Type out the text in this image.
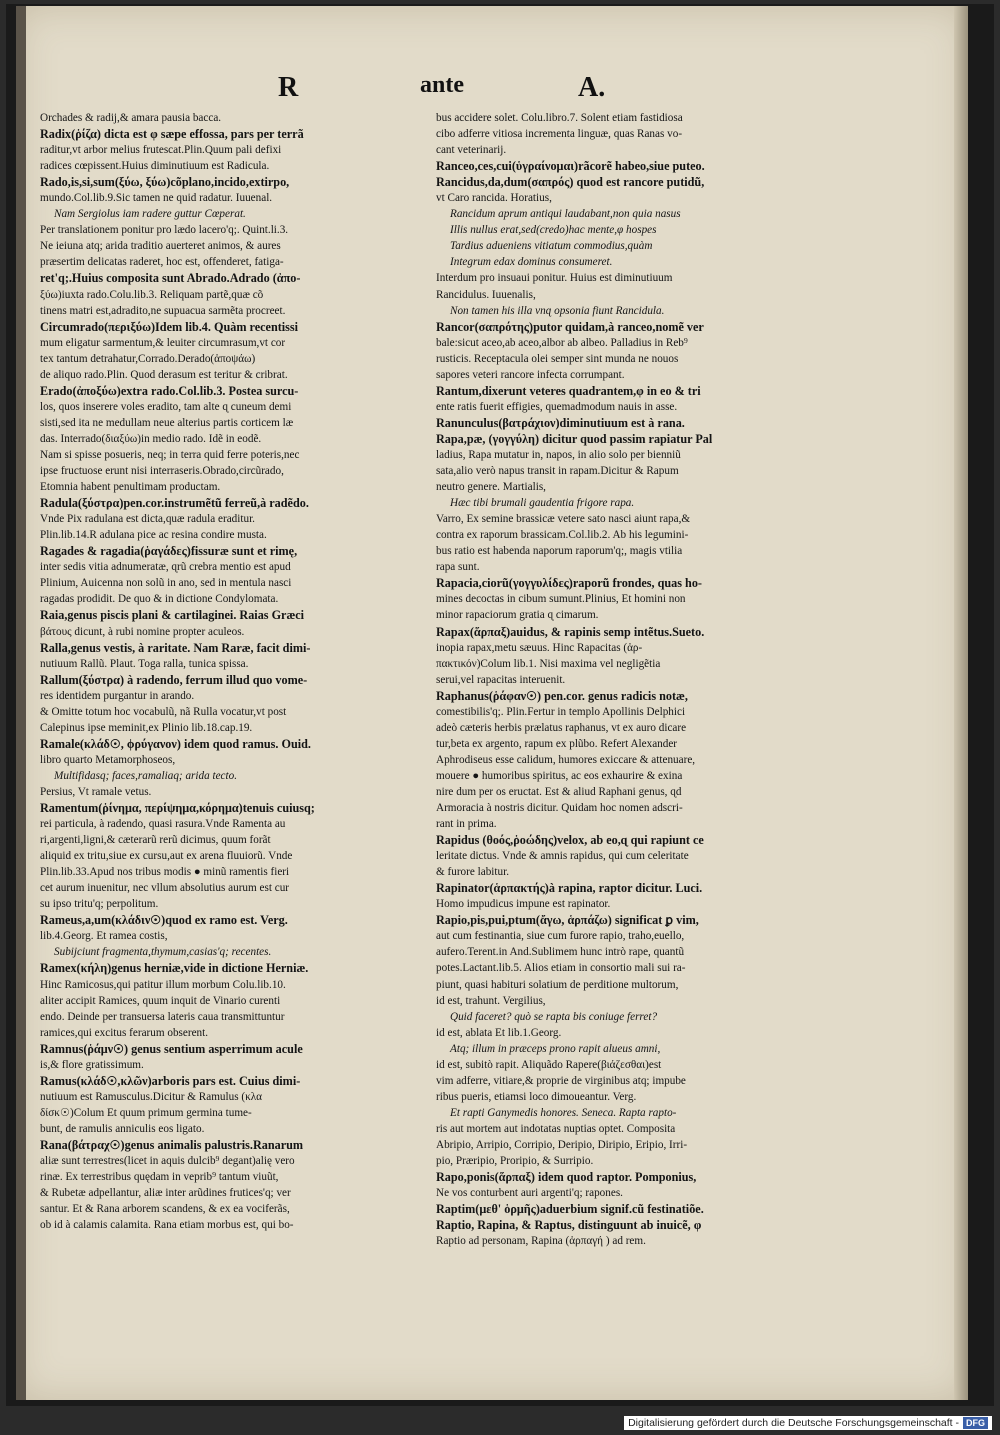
R	ante	A.
Orchades & radij,& amara pausia bacca.
Radix(ῥίζα) dicta est φ sæpe effossa, pars per terrã
raditur,vt arbor melius frutescat.Plin.Quum pali defixi
radices cœpissent.Huius diminutiuum est Radicula.
Rado,is,si,sum(ξύω, ξύω)cõplano,incido,extirpo,
mundo.Col.lib.9.Sic tamen ne quid radatur. Iuuenal.
Nam Sergiolus iam radere guttur Cœperat.
Per translationem ponitur pro lædo lacero'q;. Quint.li.3.
Ne ieiuna atq; arida traditio auerteret animos, & aures
præsertim delicatas raderet, hoc est, offenderet, fatiga-
ret'q;.Huius composita sunt Abrado.Adrado (ἀπο-
ξύω)iuxta rado.Colu.lib.3. Reliquam partẽ,quæ cõ
tinens matri est,adradito,ne supuacua sarmẽta procreet.
Circumrado(περιξύω)Idem lib.4. Quàm recentissi
mum eligatur sarmentum,& leuiter circumrasum,vt cor
tex tantum detrahatur,Corrado.Derado(ἀποψάω)
de aliquo rado.Plin. Quod derasum est teritur & cribrat.
Erado(ἀποξύω)extra rado.Col.lib.3. Postea surcu-
los, quos inserere voles eradito, tam alte ɋ cuneum demi
sisti,sed ita ne medullam neue alterius partis corticem læ
das. Interrado(διαξύω)in medio rado. Idẽ in eodẽ.
Nam si spisse posueris, neq; in terra quid ferre poteris,nec
ipse fructuose erunt nisi interraseris.Obrado,circũrado,
Etomnia habent penultimam productam.
Radula(ξύστρα)pen.cor.instrumẽtũ ferreũ,à radẽdo.
Vnde Pix radulana est dicta,quæ radula eraditur.
Plin.lib.14.R adulana pice ac resina condire musta.
Ragades & ragadia(ῥαγάδες)fissuræ sunt et rimę,
inter sedis vitia adnumeratæ, ɋrũ crebra mentio est apud
Plinium, Auicenna non solũ in ano, sed in mentula nasci
ragadas prodidit. De quo & in dictione Condylomata.
Raia,genus piscis plani & cartilaginei. Raias Græci
βάτους dicunt, à rubi nomine propter aculeos.
Ralla,genus vestis, à raritate. Nam Raræ, facit dimi-
nutiuum Rallũ. Plaut. Toga ralla, tunica spissa.
Rallum(ξύστρα) à radendo, ferrum illud quo vome-
res identidem purgantur in arando.
& Omitte totum hoc vocabulũ, nã Rulla vocatur,vt post
Calepinus ipse meminit,ex Plinio lib.18.cap.19.
Ramale(κλάδ☉, ϕρύγανον) idem quod ramus. Ouid.
libro quarto Metamorphoseos,
Multifidasq; faces,ramaliaq; arida tecto.
Persius, Vt ramale vetus.
Ramentum(ῥίνημα, περίψημα,κόρημα)tenuis cuiusq;
rei particula, à radendo, quasi rasura.Vnde Ramenta au
ri,argenti,ligni,& cæterarũ rerũ dicimus, quum forãt
aliquid ex tritu,siue ex cursu,aut ex arena fluuiorũ. Vnde
Plin.lib.33.Apud nos tribus modis ● minũ ramentis fieri
cet aurum inuenitur, nec vllum absolutius aurum est cur
su ipso tritu'q; perpolitum.
Rameus,a,um(κλάδιν☉)quod ex ramo est. Verg.
lib.4.Georg. Et ramea costis,
Subijciunt fragmenta,thymum,casias'q; recentes.
Ramex(κήλη)genus herniæ,vide in dictione Herniæ.
Hinc Ramicosus,qui patitur illum morbum Colu.lib.10.
aliter accipit Ramices, quum inquit de Vinario curenti
endo. Deinde per transuersa lateris caua transmittuntur
ramices,qui excitus ferarum obserent.
Ramnus(ῥάμν☉) genus sentium asperrimum acule
is,& flore gratissimum.
Ramus(κλάδ☉,κλῶν)arboris pars est. Cuius dimi-
nutiuum est Ramusculus.Dicitur & Ramulus (κλα
δίσκ☉)Colum Et quum primum germina tume-
bunt, de ramulis anniculis eos ligato.
Rana(βάτραχ☉)genus animalis palustris.Ranarum
aliæ sunt terrestres(licet in aquis dulcib⁹ degant)alię vero
rinæ. Ex terrestribus quędam in veprib⁹ tantum viuũt,
& Rubetæ adpellantur, aliæ inter arũdines frutices'q; ver
santur. Et & Rana arborem scandens, & ex ea vociferãs,
ob id à calamis calamita. Rana etiam morbus est, qui bo-
bus accidere solet. Colu.libro.7. Solent etiam fastidiosa
cibo adferre vitiosa incrementa linguæ, quas Ranas vo-
cant veterinarij.
Ranceo,ces,cui(ὑγραίνομαι)rãcorẽ habeo,siue puteo.
Rancidus,da,dum(σαπρός) quod est rancore putidũ,
vt Caro rancida. Horatius,
Rancidum aprum antiqui laudabant,non quia nasus
Illis nullus erat,sed(credo)hac mente,φ hospes
Tardius adueniens vitiatum commodius,quàm
Integrum edax dominus consumeret.
Interdum pro insuaui ponitur. Huius est diminutiuum
Rancidulus. Iuuenalis,
Non tamen his illa vnɋ opsonia fiunt Rancidula.
Rancor(σαπρότης)putor quidam,à ranceo,nomẽ ver
bale:sicut aceo,ab aceo,albor ab albeo. Palladius in Reb⁹
rusticis. Receptacula olei semper sint munda ne nouos
sapores veteri rancore infecta corrumpant.
Rantum,dixerunt veteres quadrantem,φ in eo & tri
ente ratis fuerit effigies, quemadmodum nauis in asse.
Ranunculus(βατράχιον)diminutiuum est à rana.
Rapa,pæ, (γογγύλη) dicitur quod passim rapiatur Pal
ladius, Rapa mutatur in, napos, in alio solo per bienniũ
sata,alio verò napus transit in rapam.Dicitur & Rapum
neutro genere. Martialis,
Hæc tibi brumali gaudentia frigore rapa.
Varro, Ex semine brassicæ vetere sato nasci aiunt rapa,&
contra ex raporum brassicam.Col.lib.2. Ab his legumini-
bus ratio est habenda naporum raporum'q;, magis vtilia
rapa sunt.
Rapacia,ciorũ(γογγυλίδες)raporũ frondes, quas ho-
mines decoctas in cibum sumunt.Plinius, Et homini non
minor rapaciorum gratia ɋ cimarum.
Rapax(ἅρπαξ)auidus, & rapinis semp intẽtus.Sueto.
inopia rapax,metu sæuus. Hinc Rapacitas (ἁρ-
πακτικόν)Colum lib.1. Nisi maxima vel negligẽtia
serui,vel rapacitas interuenit.
Raphanus(ῥάφαν☉) pen.cor. genus radicis notæ,
comestibilis'q;. Plin.Fertur in templo Apollinis Delphici
adeò cæteris herbis prælatus raphanus, vt ex auro dicare
tur,beta ex argento, rapum ex plũbo. Refert Alexander
Aphrodiseus esse calidum, humores exiccare & attenuare,
mouere ● humoribus spiritus, ac eos exhaurire & exina
nire dum per os eructat. Est & aliud Raphani genus, ɋd
Armoracia à nostris dicitur. Quidam hoc nomen adscri-
rant in prima.
Rapidus (θοός,ῥοώδης)velox, ab eo,ɋ qui rapiunt ce
leritate dictus. Vnde & amnis rapidus, qui cum celeritate
& furore labitur.
Rapinator(ἁρπακτής)à rapina, raptor dicitur. Luci.
Homo impudicus impune est rapinator.
Rapio,pis,pui,ptum(ἄγω, ἁρπάζω) significat ꝑ vim,
aut cum festinantia, siue cum furore rapio, traho,euello,
aufero.Terent.in And.Sublimem hunc intrò rape, quantũ
potes.Lactant.lib.5. Alios etiam in consortio mali sui ra-
piunt, quasi habituri solatium de perditione multorum,
id est, trahunt. Vergilius,
Quid faceret? quò se rapta bis coniuge ferret?
id est, ablata Et lib.1.Georg.
Atq; illum in præceps prono rapit alueus amni,
id est, subitò rapit. Aliquãdo Rapere(βιάζεσθαι)est
vim adferre, vitiare,& proprie de virginibus atq; impube
ribus pueris, etiamsi loco dimoueantur. Verg.
Et rapti Ganymedis honores. Seneca. Rapta rapto-
ris aut mortem aut indotatas nuptias optet. Composita
Abripio, Arripio, Corripio, Deripio, Diripio, Eripio, Irri-
pio, Præripio, Proripio, & Surripio.
Rapo,ponis(ἅρπαξ) idem quod raptor. Pomponius,
Ne vos conturbent auri argenti'q; rapones.
Raptim(μεθ' ὁρμῆς)aduerbium signif.cũ festinatiõe.
Raptio, Rapina, & Raptus, distinguunt ab inuicẽ, φ
Raptio ad personam, Rapina (ἁρπαγή ) ad rem.
Digitalisierung gefördert durch die Deutsche Forschungsgemeinschaft - DFG
